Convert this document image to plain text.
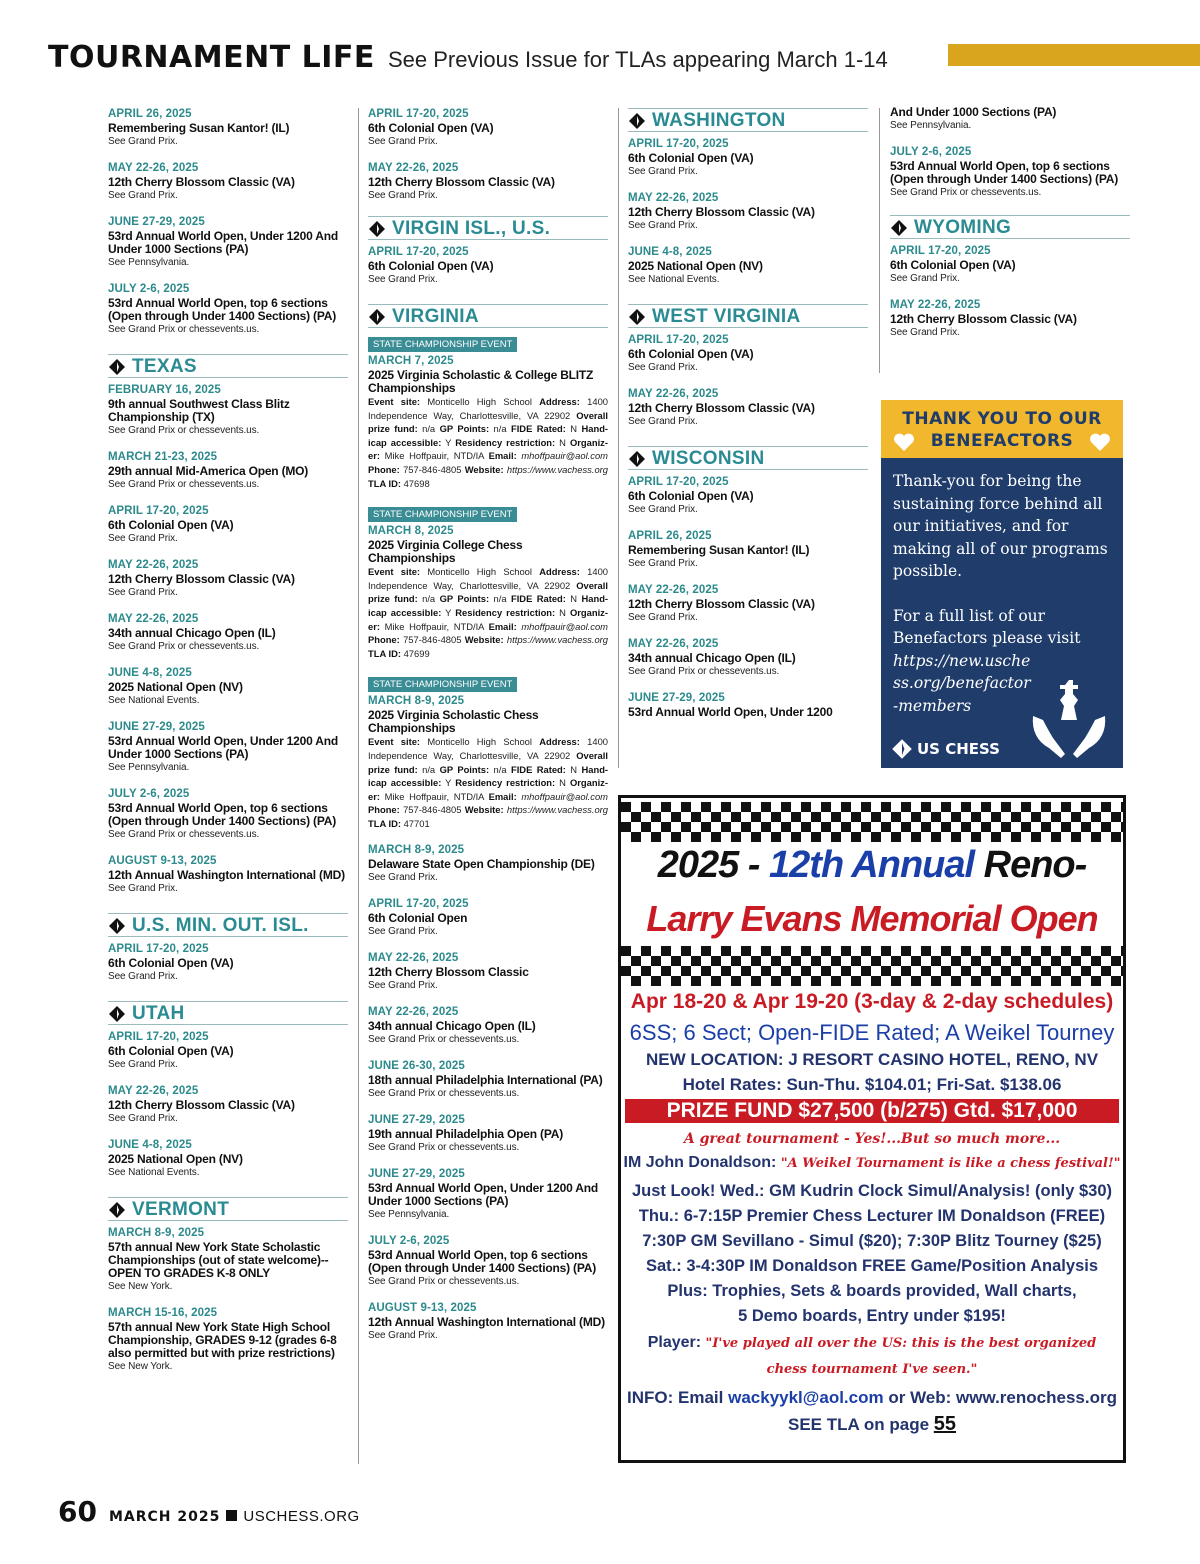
TOURNAMENT LIFE See Previous Issue for TLAs appearing March 1-14
APRIL 26, 2025
Remembering Susan Kantor! (IL)
See Grand Prix.
MAY 22-26, 2025
12th Cherry Blossom Classic (VA)
See Grand Prix.
JUNE 27-29, 2025
53rd Annual World Open, Under 1200 And Under 1000 Sections (PA)
See Pennsylvania.
JULY 2-6, 2025
53rd Annual World Open, top 6 sections (Open through Under 1400 Sections) (PA)
See Grand Prix or chessevents.us.
TEXAS
FEBRUARY 16, 2025
9th annual Southwest Class Blitz Championship (TX)
See Grand Prix or chessevents.us.
MARCH 21-23, 2025
29th annual Mid-America Open (MO)
See Grand Prix or chessevents.us.
APRIL 17-20, 2025
6th Colonial Open (VA)
See Grand Prix.
MAY 22-26, 2025
12th Cherry Blossom Classic (VA)
See Grand Prix.
MAY 22-26, 2025
34th annual Chicago Open (IL)
See Grand Prix or chessevents.us.
JUNE 4-8, 2025
2025 National Open (NV)
See National Events.
JUNE 27-29, 2025
53rd Annual World Open, Under 1200 And Under 1000 Sections (PA)
See Pennsylvania.
JULY 2-6, 2025
53rd Annual World Open, top 6 sections (Open through Under 1400 Sections) (PA)
See Grand Prix or chessevents.us.
AUGUST 9-13, 2025
12th Annual Washington International (MD)
See Grand Prix.
U.S. MIN. OUT. ISL.
APRIL 17-20, 2025
6th Colonial Open (VA)
See Grand Prix.
UTAH
APRIL 17-20, 2025
6th Colonial Open (VA)
See Grand Prix.
MAY 22-26, 2025
12th Cherry Blossom Classic (VA)
See Grand Prix.
JUNE 4-8, 2025
2025 National Open (NV)
See National Events.
VERMONT
MARCH 8-9, 2025
57th annual New York State Scholastic Championships (out of state welcome)-- OPEN TO GRADES K-8 ONLY
See New York.
MARCH 15-16, 2025
57th annual New York State High School Championship, GRADES 9-12 (grades 6-8 also permitted but with prize restrictions)
See New York.
APRIL 17-20, 2025
6th Colonial Open (VA)
See Grand Prix.
MAY 22-26, 2025
12th Cherry Blossom Classic (VA)
See Grand Prix.
VIRGIN ISL., U.S.
APRIL 17-20, 2025
6th Colonial Open (VA)
See Grand Prix.
VIRGINIA
STATE CHAMPIONSHIP EVENT
MARCH 7, 2025
2025 Virginia Scholastic & College BLITZ Championships
Event site: Monticello High School Address: 1400 Independence Way, Charlottesville, VA 22902 Overall prize fund: n/a GP Points: n/a FIDE Rated: N Hand-icap accessible: Y Residency restriction: N Organiz-er: Mike Hoffpauir, NTD/IA Email: mhoffpauir@aol.com Phone: 757-846-4805 Website: https://www.vachess.org TLA ID: 47698
STATE CHAMPIONSHIP EVENT
MARCH 8, 2025
2025 Virginia College Chess Championships
Event site: Monticello High School Address: 1400 Independence Way, Charlottesville, VA 22902 Overall prize fund: n/a GP Points: n/a FIDE Rated: N Hand-icap accessible: Y Residency restriction: N Organiz-er: Mike Hoffpauir, NTD/IA Email: mhoffpauir@aol.com Phone: 757-846-4805 Website: https://www.vachess.org TLA ID: 47699
STATE CHAMPIONSHIP EVENT
MARCH 8-9, 2025
2025 Virginia Scholastic Chess Championships
Event site: Monticello High School Address: 1400 Independence Way, Charlottesville, VA 22902 Overall prize fund: n/a GP Points: n/a FIDE Rated: N Hand-icap accessible: Y Residency restriction: N Organiz-er: Mike Hoffpauir, NTD/IA Email: mhoffpauir@aol.com Phone: 757-846-4805 Website: https://www.vachess.org TLA ID: 47701
MARCH 8-9, 2025
Delaware State Open Championship (DE)
See Grand Prix.
APRIL 17-20, 2025
6th Colonial Open
See Grand Prix.
MAY 22-26, 2025
12th Cherry Blossom Classic
See Grand Prix.
MAY 22-26, 2025
34th annual Chicago Open (IL)
See Grand Prix or chessevents.us.
JUNE 26-30, 2025
18th annual Philadelphia International (PA)
See Grand Prix or chessevents.us.
JUNE 27-29, 2025
19th annual Philadelphia Open (PA)
See Grand Prix or chessevents.us.
JUNE 27-29, 2025
53rd Annual World Open, Under 1200 And Under 1000 Sections (PA)
See Pennsylvania.
JULY 2-6, 2025
53rd Annual World Open, top 6 sections (Open through Under 1400 Sections) (PA)
See Grand Prix or chessevents.us.
AUGUST 9-13, 2025
12th Annual Washington International (MD)
See Grand Prix.
WASHINGTON
APRIL 17-20, 2025
6th Colonial Open (VA)
See Grand Prix.
MAY 22-26, 2025
12th Cherry Blossom Classic (VA)
See Grand Prix.
JUNE 4-8, 2025
2025 National Open (NV)
See National Events.
WEST VIRGINIA
APRIL 17-20, 2025
6th Colonial Open (VA)
See Grand Prix.
MAY 22-26, 2025
12th Cherry Blossom Classic (VA)
See Grand Prix.
WISCONSIN
APRIL 17-20, 2025
6th Colonial Open (VA)
See Grand Prix.
APRIL 26, 2025
Remembering Susan Kantor! (IL)
See Grand Prix.
MAY 22-26, 2025
12th Cherry Blossom Classic (VA)
See Grand Prix.
MAY 22-26, 2025
34th annual Chicago Open (IL)
See Grand Prix or chessevents.us.
JUNE 27-29, 2025
53rd Annual World Open, Under 1200
And Under 1000 Sections (PA)
See Pennsylvania.
JULY 2-6, 2025
53rd Annual World Open, top 6 sections (Open through Under 1400 Sections) (PA)
See Grand Prix or chessevents.us.
WYOMING
APRIL 17-20, 2025
6th Colonial Open (VA)
See Grand Prix.
MAY 22-26, 2025
12th Cherry Blossom Classic (VA)
See Grand Prix.
THANK YOU TO OUR
BENEFACTORS
Thank-you for being the sustaining force behind all our initiatives, and for making all of our programs possible.
For a full list of our Benefactors please visit
https://new.uschess.org/benefactor-members
US CHESS
2025 - 12th Annual Reno-
Larry Evans Memorial Open
Apr 18-20 & Apr 19-20 (3-day & 2-day schedules)
6SS; 6 Sect; Open-FIDE Rated; A Weikel Tourney
NEW LOCATION: J RESORT CASINO HOTEL, RENO, NV
Hotel Rates: Sun-Thu. $104.01; Fri-Sat. $138.06
PRIZE FUND $27,500 (b/275) Gtd. $17,000
A great tournament - Yes!...But so much more...
IM John Donaldson: "A Weikel Tournament is like a chess festival!"
Just Look! Wed.: GM Kudrin Clock Simul/Analysis! (only $30)
Thu.: 6-7:15P Premier Chess Lecturer IM Donaldson (FREE)
7:30P GM Sevillano - Simul ($20); 7:30P Blitz Tourney ($25)
Sat.: 3-4:30P IM Donaldson FREE Game/Position Analysis
Plus: Trophies, Sets & boards provided, Wall charts,
5 Demo boards, Entry under $195!
Player: "I've played all over the US: this is the best organized
chess tournament I've seen."
INFO: Email wackyykl@aol.com or Web: www.renochess.org
SEE TLA on page 55
60 MARCH 2025 USCHESS.ORG
